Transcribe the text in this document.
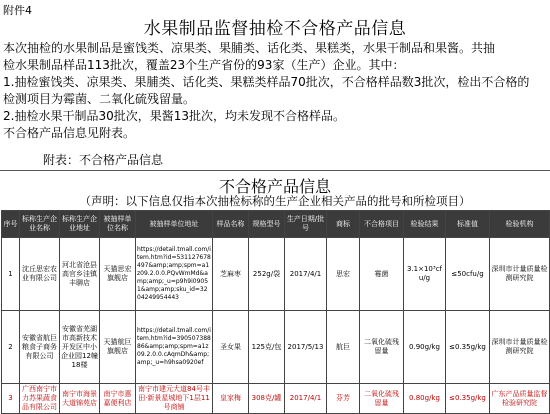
附件4
水果制品监督抽检不合格产品信息
本次抽检的水果制品是蜜饯类、凉果类、果脯类、话化类、果糕类，水果干制品和果酱。共抽
检水果制品样品113批次，覆盖23个生产省份的93家（生产）企业。其中：
1.抽检蜜饯类、凉果类、果脯类、话化类、果糕类样品70批次，不合格样品数3批次，检出不合格的
检测项目为霉菌、二氧化硫残留量。
2.抽检水果干制品30批次，果酱13批次，均未发现不合格样品。
不合格产品信息见附表。
附表：不合格产品信息
不合格产品信息
（声明：以下信息仅指本次抽检标称的生产企业相关产品的批号和所检项目）
序号	标称生产企业名称	标称生产企业地址	被抽样单位名称	被抽样单位地址	样品名称	规格型号	生产日期/批号	商标	不合格项目	检验结果	标准值	检验机构
1	沈丘思宏农业有限公司	河北省沧县高官乡洼镇丰聊店	天猫思宏旗舰店	https://detail.tmall.com/item.htm?id=531127678497&amp;amp;spm=a1z09.2.0.0.PQvWmMd&amp;amp;_u=p9h9i09051&amp;amp;sku_id=3204249954443	芝麻枣	252g/袋	2017/4/1	思宏	霉菌	3.1×10³cfu/g	≤50cfu/g	深圳市计量质量检测研究院
2	安徽省航巨粮食子商务有限公司	安徽省芜湖市高新技术开发区中小企业园12幢18楼	天猫航巨旗舰店	https://detail.tmall.com/item.htm?id=39050738886&amp;amp;spm=a1z09.2.0.0.cAqmDh&amp;amp;_u=h9hsa0920ef	圣女果	125克/包	2017/5/13	航巨	二氧化硫残留量	0.90g/kg	≤0.35g/kg	深圳市计量质量检测研究院
3	广西南宁市力苏果蔬食品有限公司	南宁市海景大道锦苑店	南宁市惠嘉便利店	南宁市建元大道84号丰田·新景星城地下1层11号商铺	皇家梅	308克/罐	2017/4/1	芬芳	二氧化硫残留量	0.80g/kg	≤0.35g/kg	广东产品质量监督检验研究院
